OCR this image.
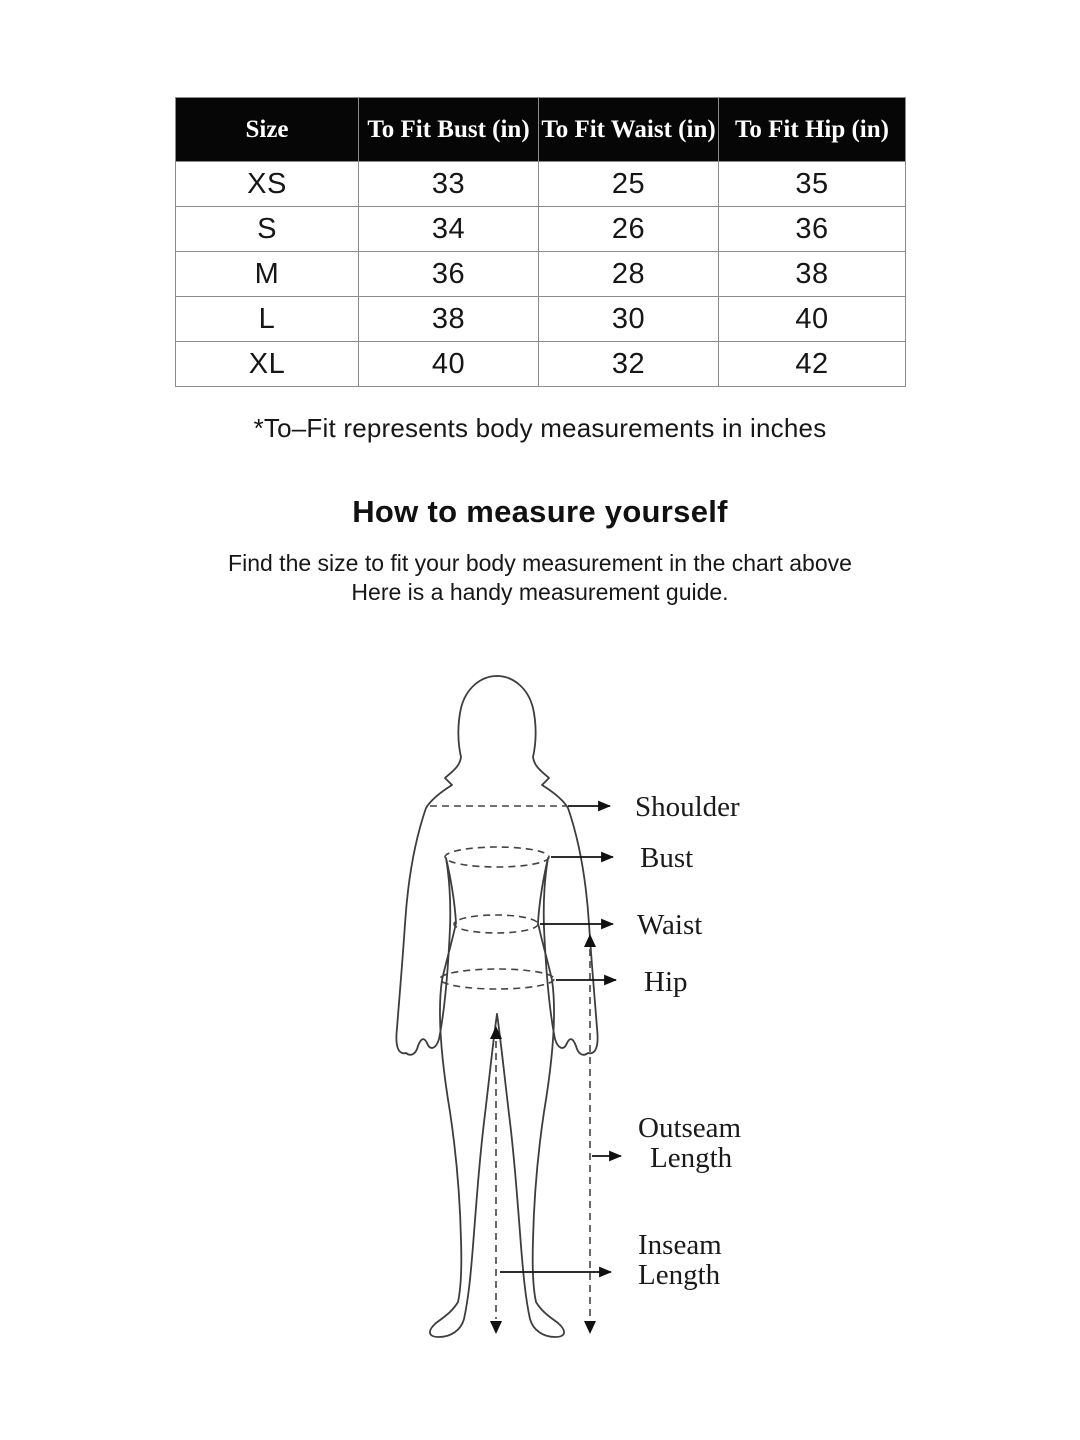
Size	To Fit Bust (in)	To Fit Waist (in)	To Fit Hip (in)
XS	33	25	35
S	34	26	36
M	36	28	38
L	38	30	40
XL	40	32	42
*To–Fit represents body measurements in inches
How to measure yourself
Find the size to fit your body measurement in the chart above
Here is a handy measurement guide.
Shoulder
Bust
Waist
Hip
Outseam
Length
Inseam
Length
